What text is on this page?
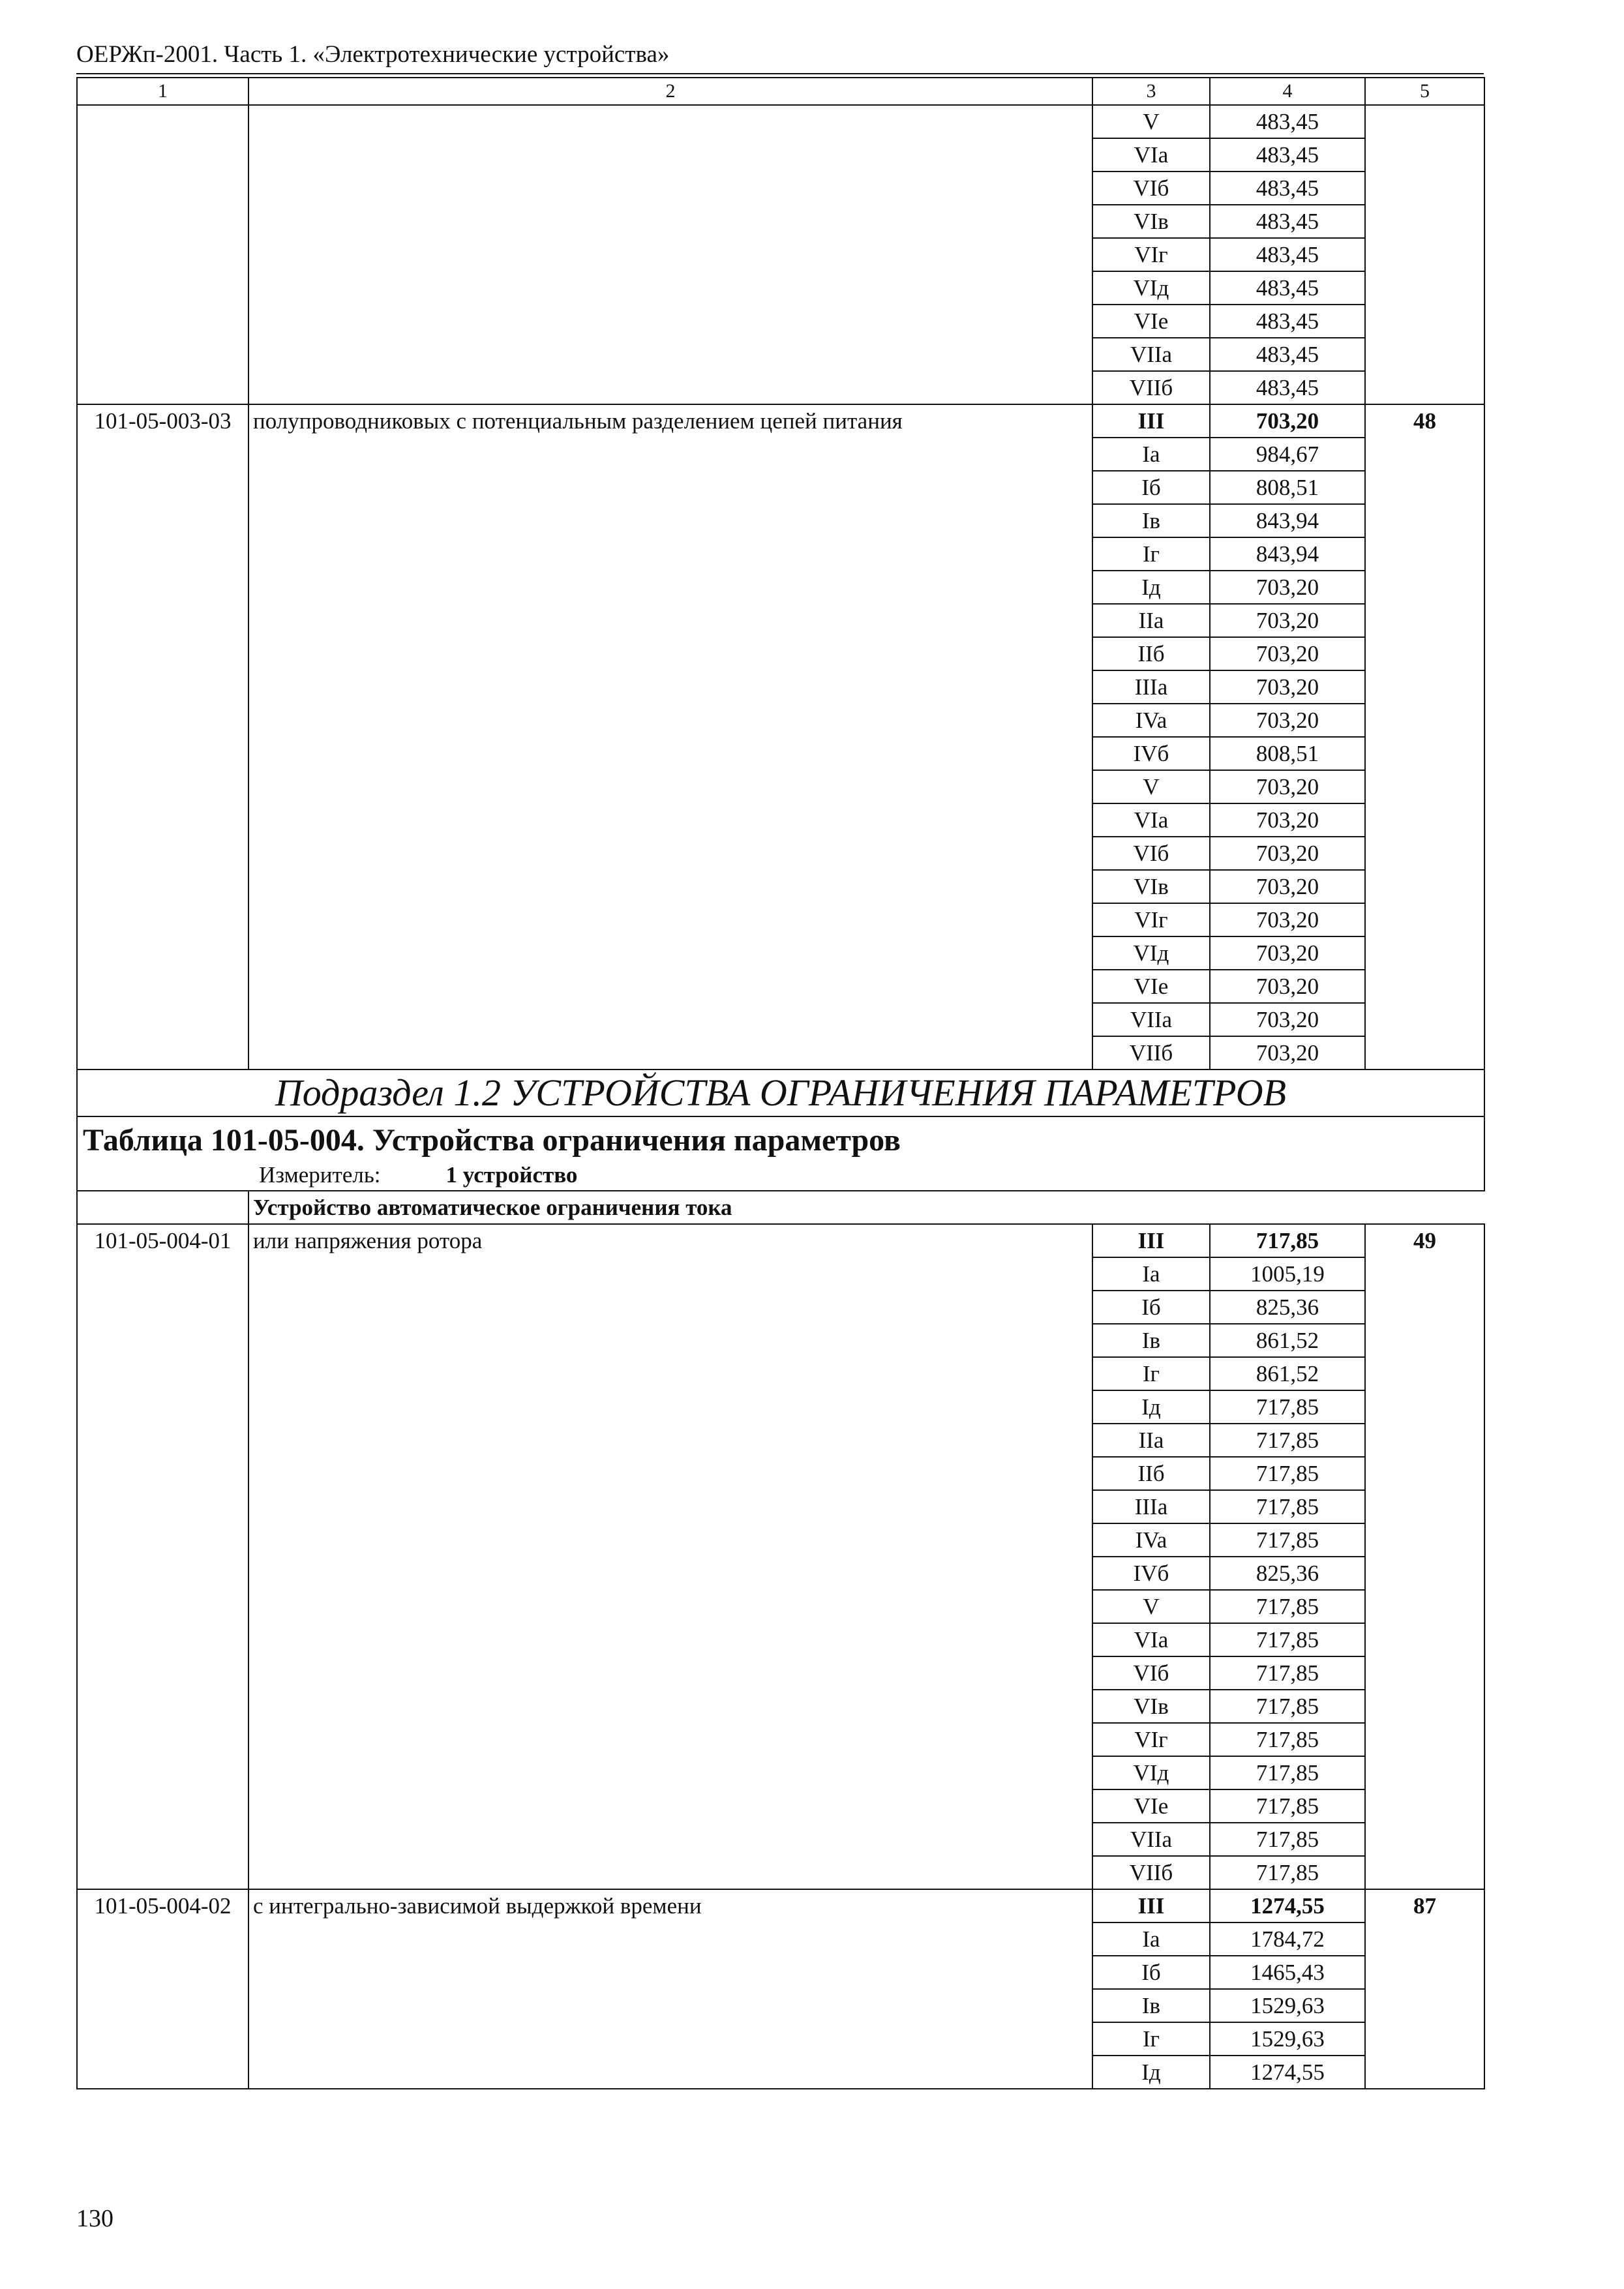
ОЕРЖп-2001. Часть 1. «Электротехнические устройства»
1	2	3	4	5
		V	483,45	
		VIa	483,45	
		VIб	483,45	
		VIв	483,45	
		VIг	483,45	
		VIд	483,45	
		VIe	483,45	
		VIIa	483,45	
		VIIб	483,45	
101-05-003-03	полупроводниковых с потенциальным разделением цепей питания	III	703,20	48
		Ia	984,67	
		Iб	808,51	
		Iв	843,94	
		Iг	843,94	
		Iд	703,20	
		IIa	703,20	
		IIб	703,20	
		IIIa	703,20	
		IVa	703,20	
		IVб	808,51	
		V	703,20	
		VIa	703,20	
		VIб	703,20	
		VIв	703,20	
		VIг	703,20	
		VIд	703,20	
		VIe	703,20	
		VIIa	703,20	
		VIIб	703,20	
Подраздел 1.2 УСТРОЙСТВА ОГРАНИЧЕНИЯ ПАРАМЕТРОВ				

Таблица 101-05-004. Устройства ограничения параметров
Измеритель: 1 устройство				

	Устройство автоматическое ограничения тока			
101-05-004-01	или напряжения ротора	III	717,85	49
		Ia	1005,19	
		Iб	825,36	
		Iв	861,52	
		Iг	861,52	
		Iд	717,85	
		IIa	717,85	
		IIб	717,85	
		IIIa	717,85	
		IVa	717,85	
		IVб	825,36	
		V	717,85	
		VIa	717,85	
		VIб	717,85	
		VIв	717,85	
		VIг	717,85	
		VIд	717,85	
		VIe	717,85	
		VIIa	717,85	
		VIIб	717,85	
101-05-004-02	с интегрально-зависимой выдержкой времени	III	1274,55	87
		Ia	1784,72	
		Iб	1465,43	
		Iв	1529,63	
		Iг	1529,63	
		Iд	1274,55	
130
